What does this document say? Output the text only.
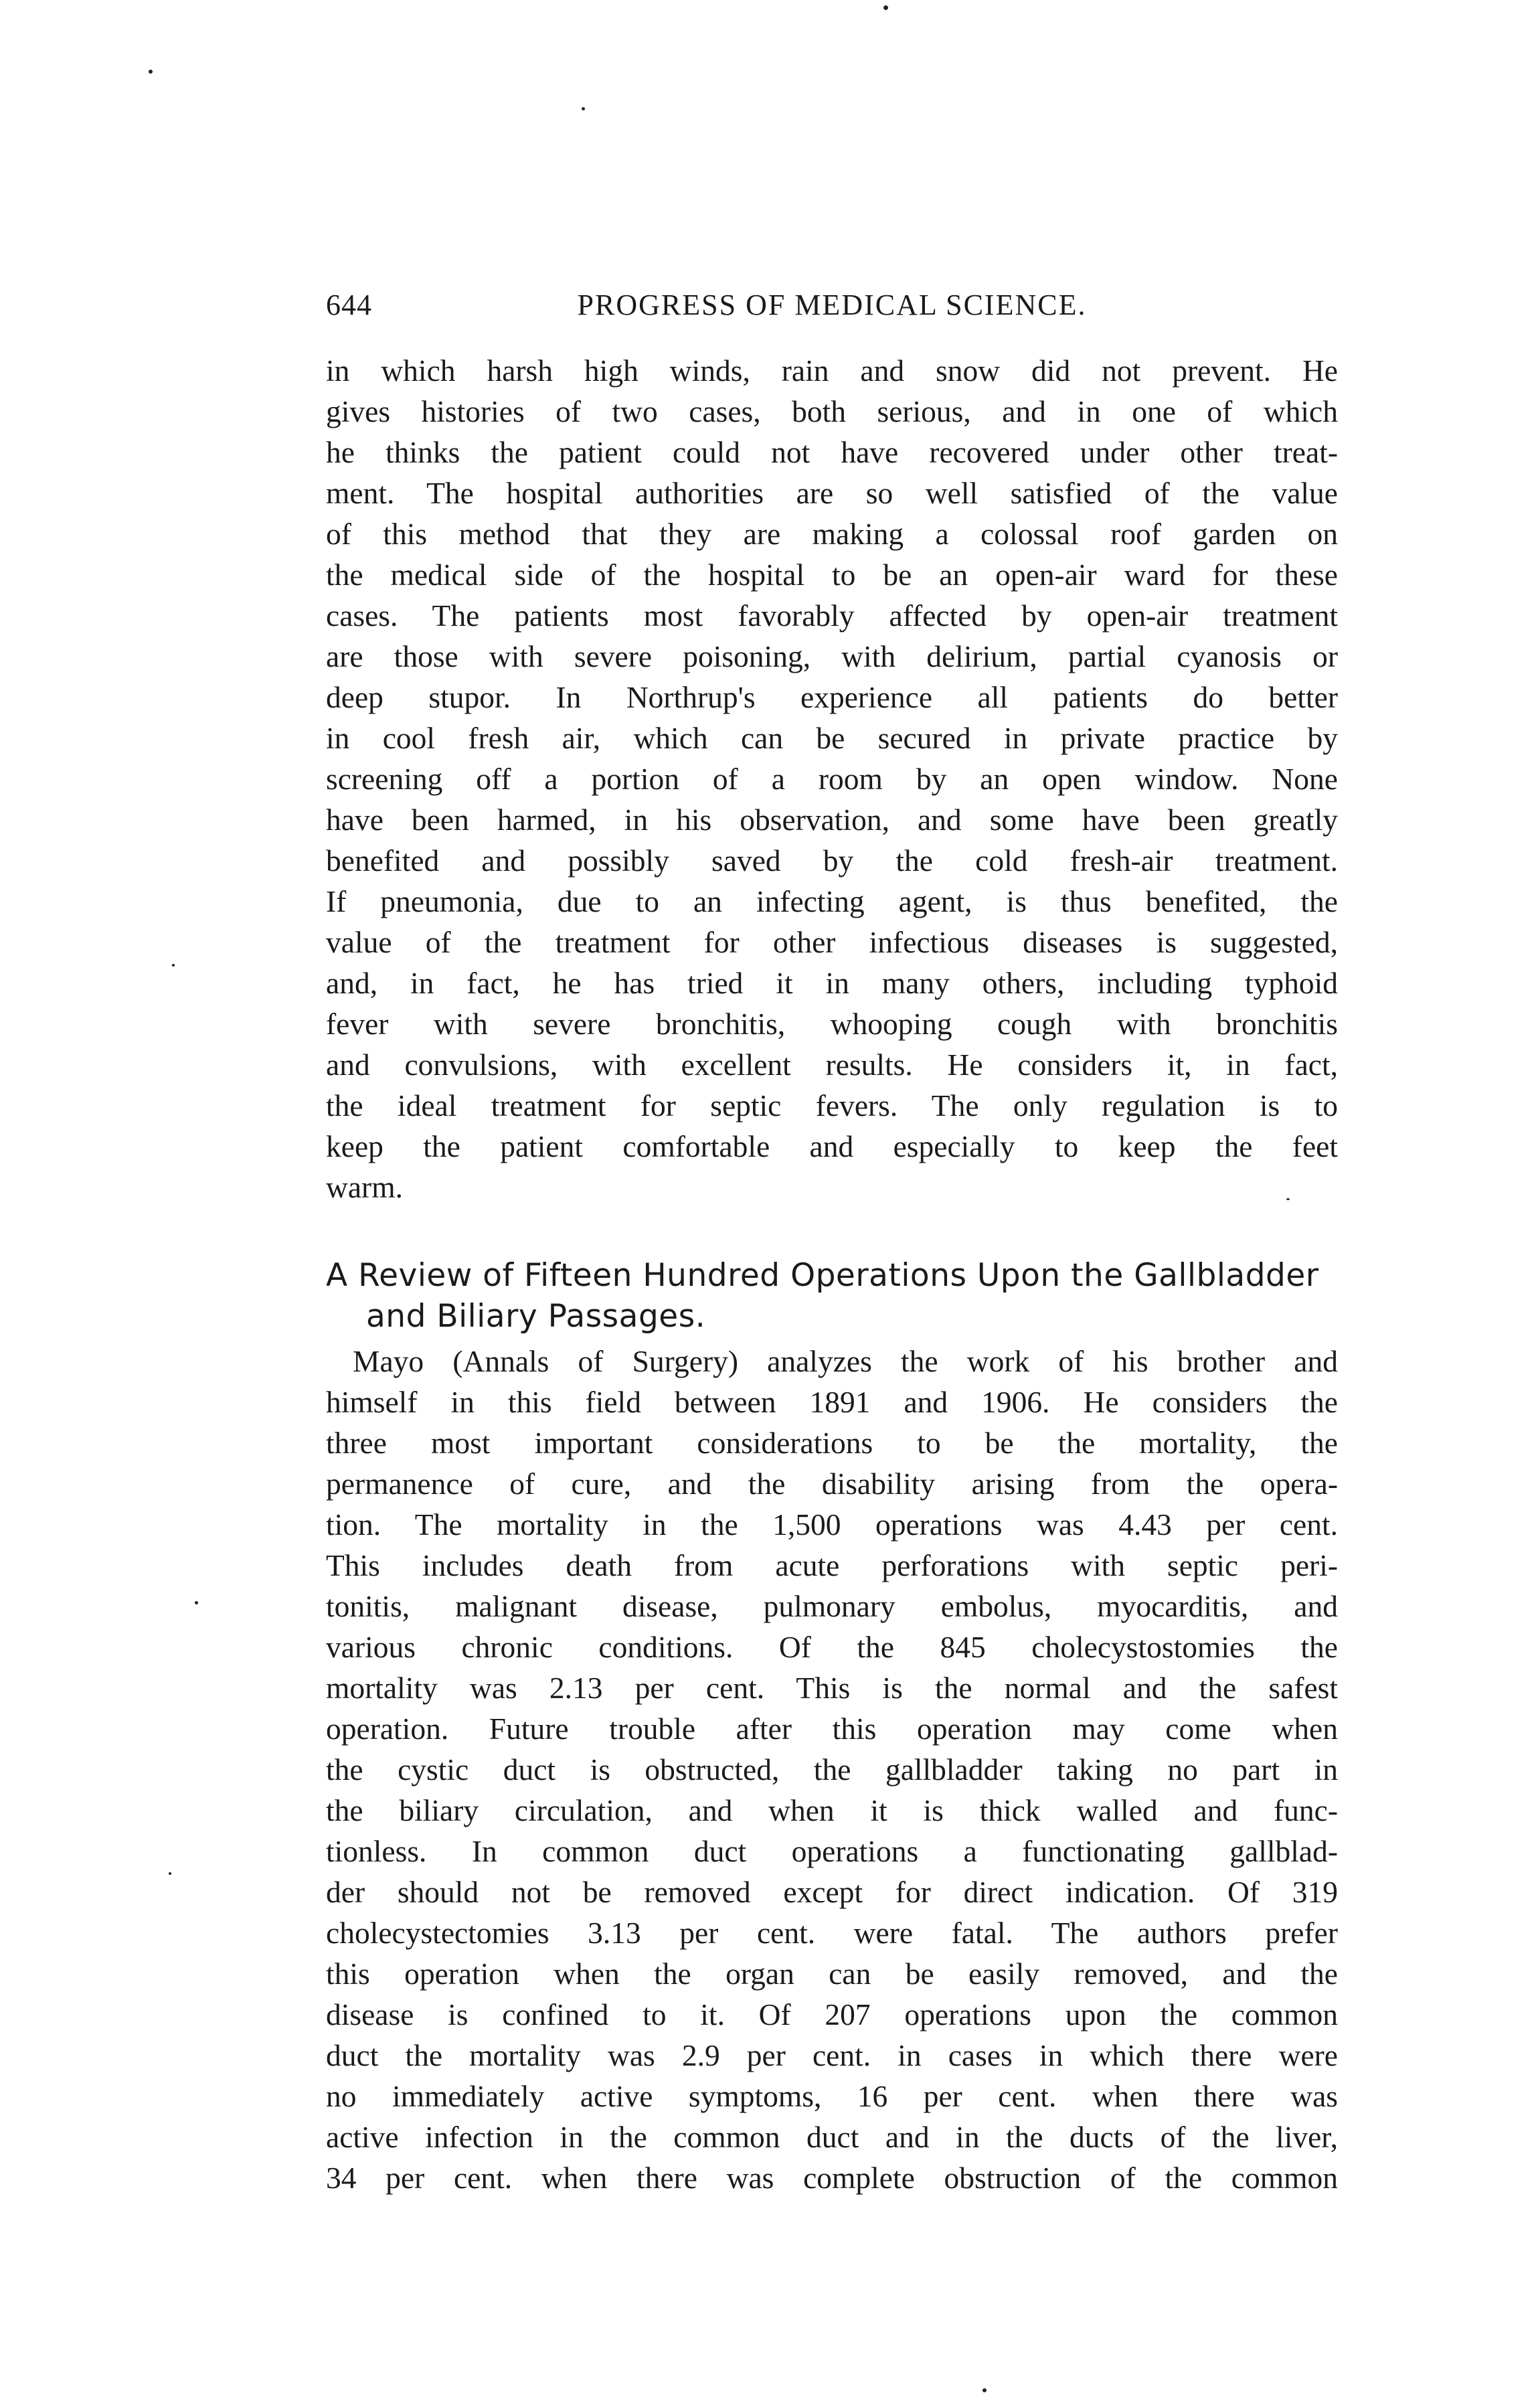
644	PROGRESS OF MEDICAL SCIENCE.
in which harsh high winds, rain and snow did not prevent. He
gives histories of two cases, both serious, and in one of which
he thinks the patient could not have recovered under other treat-
ment. The hospital authorities are so well satisfied of the value
of this method that they are making a colossal roof garden on
the medical side of the hospital to be an open-air ward for these
cases. The patients most favorably affected by open-air treatment
are those with severe poisoning, with delirium, partial cyanosis or
deep stupor. In Northrup's experience all patients do better
in cool fresh air, which can be secured in private practice by
screening off a portion of a room by an open window. None
have been harmed, in his observation, and some have been greatly
benefited and possibly saved by the cold fresh-air treatment.
If pneumonia, due to an infecting agent, is thus benefited, the
value of the treatment for other infectious diseases is suggested,
and, in fact, he has tried it in many others, including typhoid
fever with severe bronchitis, whooping cough with bronchitis
and convulsions, with excellent results. He considers it, in fact,
the ideal treatment for septic fevers. The only regulation is to
keep the patient comfortable and especially to keep the feet
warm.
A Review of Fifteen Hundred Operations Upon the Gallbladder
and Biliary Passages.
Mayo (Annals of Surgery) analyzes the work of his brother and
himself in this field between 1891 and 1906. He considers the
three most important considerations to be the mortality, the
permanence of cure, and the disability arising from the opera-
tion. The mortality in the 1,500 operations was 4.43 per cent.
This includes death from acute perforations with septic peri-
tonitis, malignant disease, pulmonary embolus, myocarditis, and
various chronic conditions. Of the 845 cholecystostomies the
mortality was 2.13 per cent. This is the normal and the safest
operation. Future trouble after this operation may come when
the cystic duct is obstructed, the gallbladder taking no part in
the biliary circulation, and when it is thick walled and func-
tionless. In common duct operations a functionating gallblad-
der should not be removed except for direct indication. Of 319
cholecystectomies 3.13 per cent. were fatal. The authors prefer
this operation when the organ can be easily removed, and the
disease is confined to it. Of 207 operations upon the common
duct the mortality was 2.9 per cent. in cases in which there were
no immediately active symptoms, 16 per cent. when there was
active infection in the common duct and in the ducts of the liver,
34 per cent. when there was complete obstruction of the common
